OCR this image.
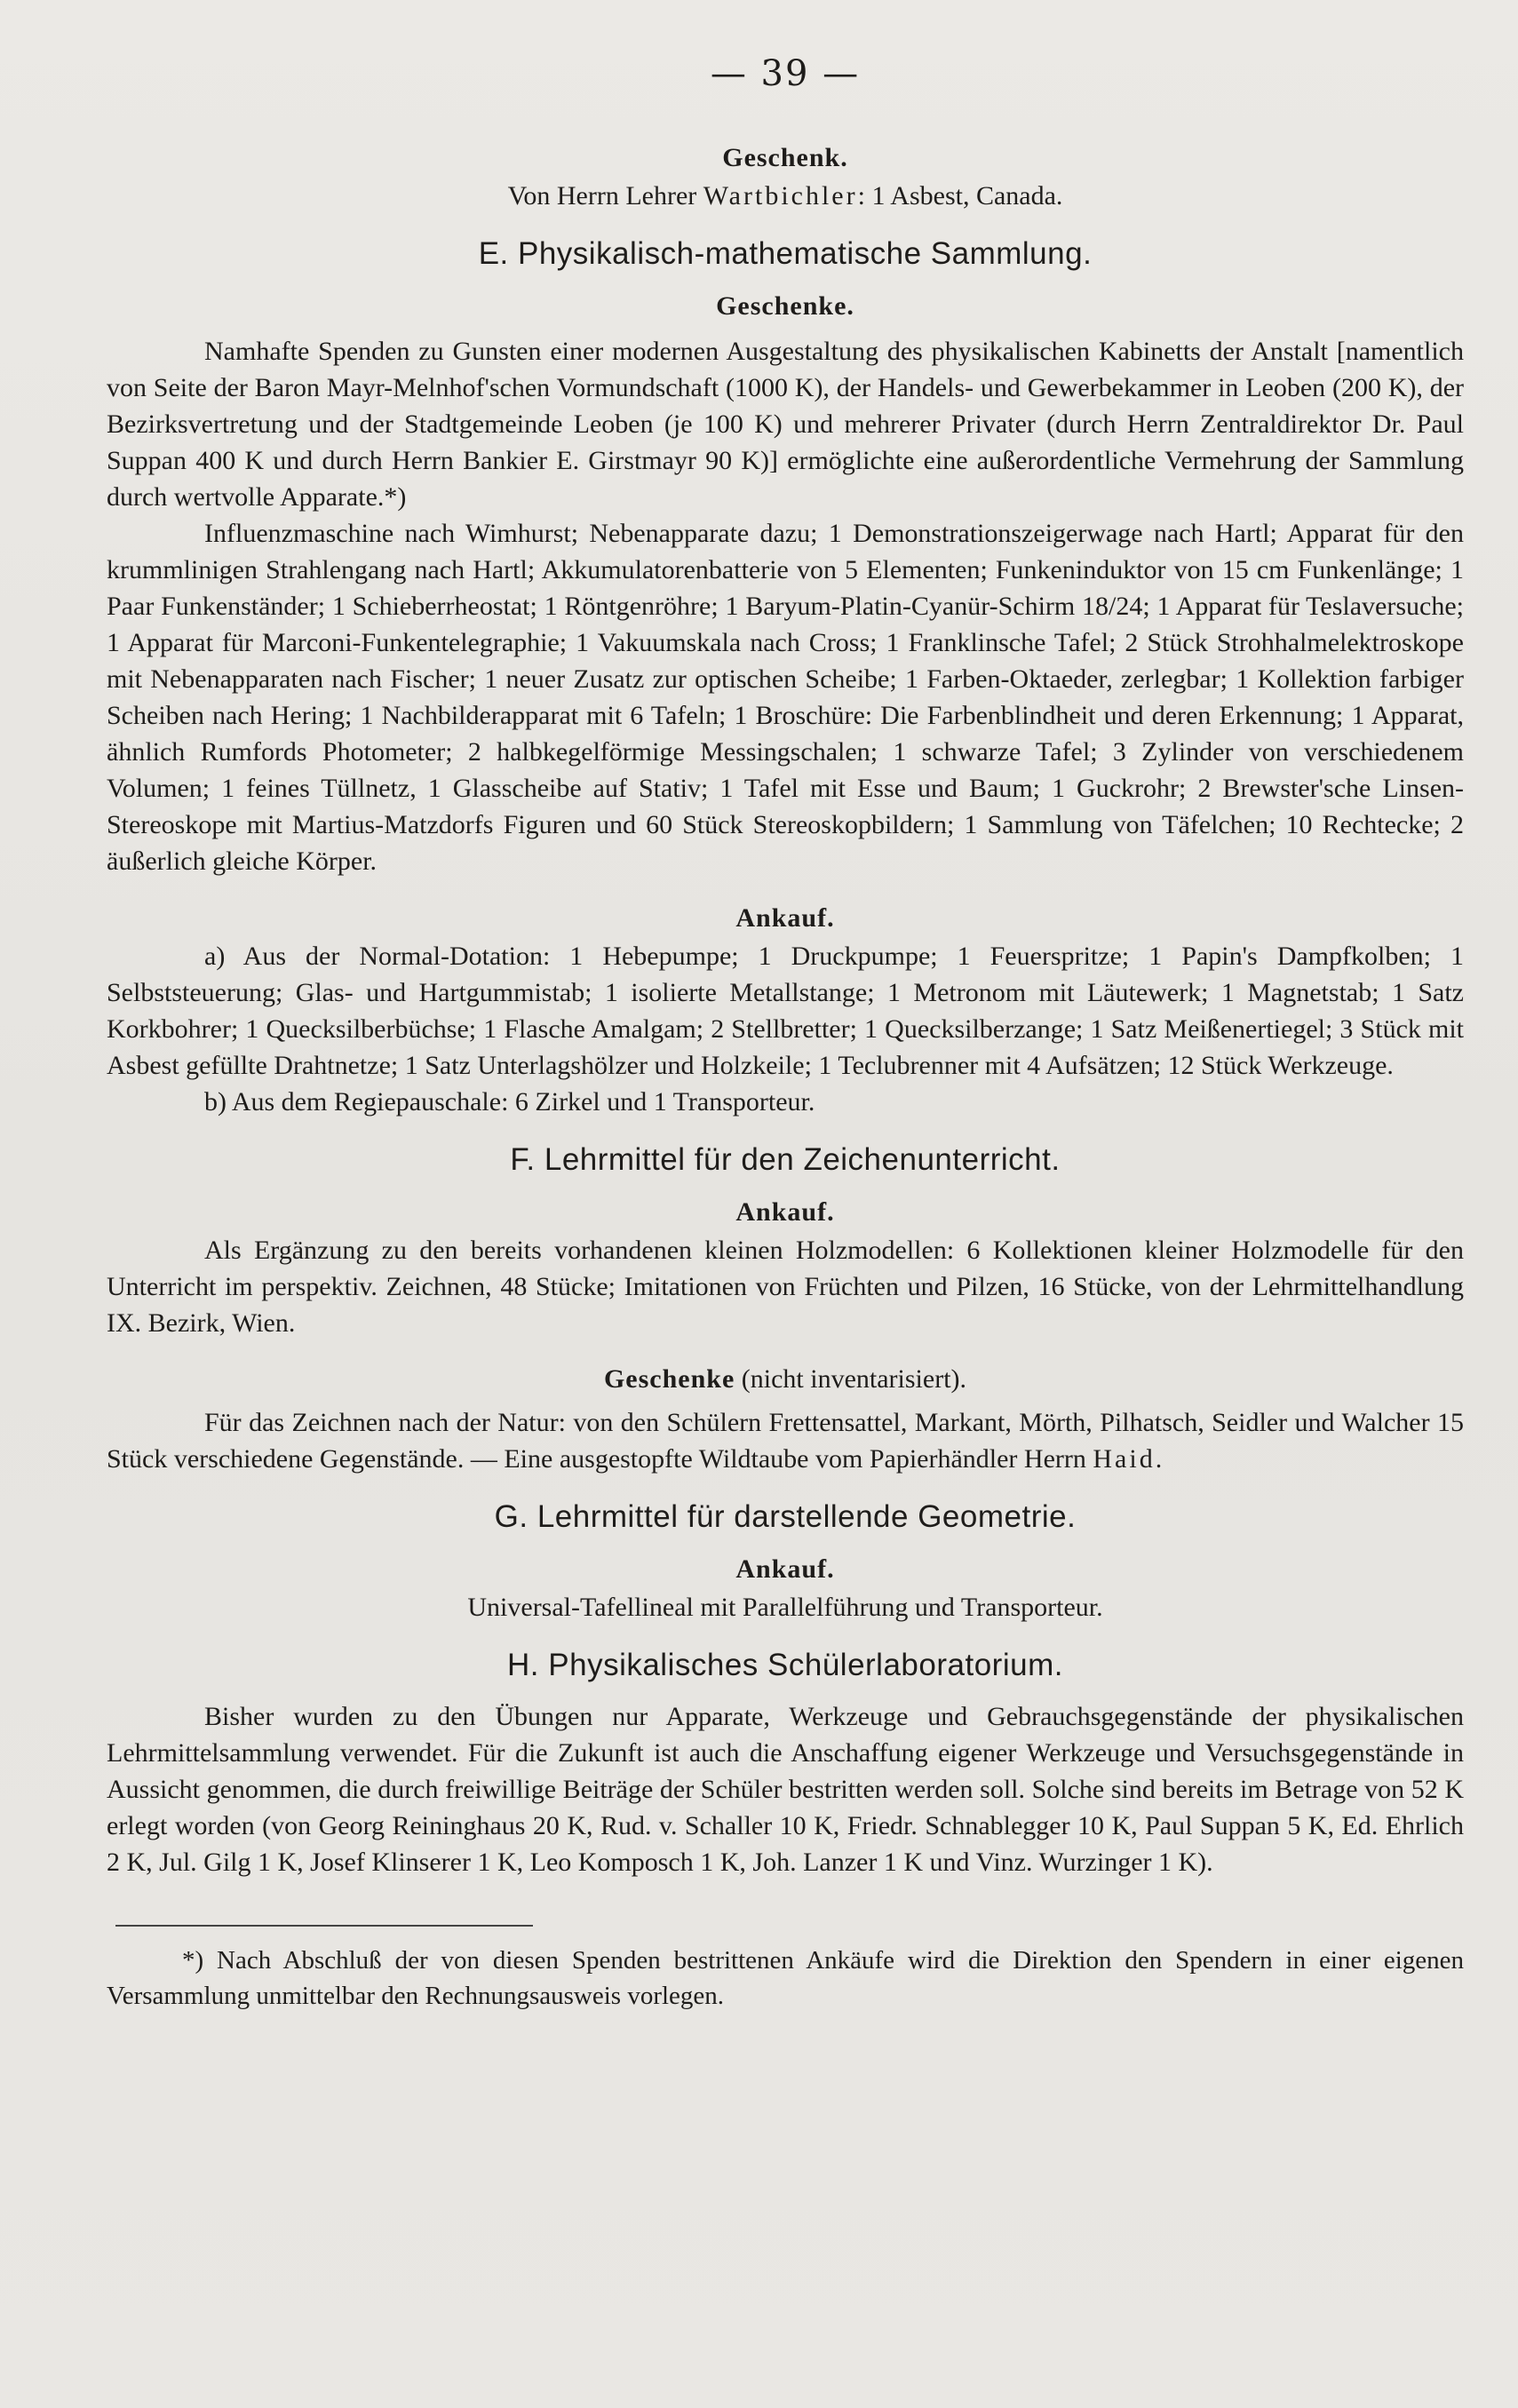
— 39 —
Geschenk.

Von Herrn Lehrer Wartbichler: 1 Asbest, Canada.

E. Physikalisch-mathematische Sammlung.
Geschenke.

Namhafte Spenden zu Gunsten einer modernen Ausgestaltung des physikalischen Kabinetts der Anstalt [namentlich von Seite der Baron Mayr-Melnhof'schen Vormundschaft (1000 K), der Handels- und Gewerbekammer in Leoben (200 K), der Bezirksvertretung und der Stadtgemeinde Leoben (je 100 K) und mehrerer Privater (durch Herrn Zentraldirektor Dr. Paul Suppan 400 K und durch Herrn Bankier E. Girstmayr 90 K)] ermöglichte eine außerordentliche Vermehrung der Sammlung durch wertvolle Apparate.*)

Influenzmaschine nach Wimhurst; Nebenapparate dazu; 1 Demonstrationszeigerwage nach Hartl; Apparat für den krummlinigen Strahlengang nach Hartl; Akkumulatorenbatterie von 5 Elementen; Funkeninduktor von 15 cm Funkenlänge; 1 Paar Funkenständer; 1 Schieberrheostat; 1 Röntgenröhre; 1 Baryum-Platin-Cyanür-Schirm 18/24; 1 Apparat für Teslaversuche; 1 Apparat für Marconi-Funkentelegraphie; 1 Vakuumskala nach Cross; 1 Franklinsche Tafel; 2 Stück Strohhalmelektroskope mit Nebenapparaten nach Fischer; 1 neuer Zusatz zur optischen Scheibe; 1 Farben-Oktaeder, zerlegbar; 1 Kollektion farbiger Scheiben nach Hering; 1 Nachbilderapparat mit 6 Tafeln; 1 Broschüre: Die Farbenblindheit und deren Erkennung; 1 Apparat, ähnlich Rumfords Photometer; 2 halbkegelförmige Messingschalen; 1 schwarze Tafel; 3 Zylinder von verschiedenem Volumen; 1 feines Tüllnetz, 1 Glasscheibe auf Stativ; 1 Tafel mit Esse und Baum; 1 Guckrohr; 2 Brewster'sche Linsen-Stereoskope mit Martius-Matzdorfs Figuren und 60 Stück Stereoskopbildern; 1 Sammlung von Täfelchen; 10 Rechtecke; 2 äußerlich gleiche Körper.

Ankauf.

a) Aus der Normal-Dotation: 1 Hebepumpe; 1 Druckpumpe; 1 Feuerspritze; 1 Papin's Dampfkolben; 1 Selbststeuerung; Glas- und Hartgummistab; 1 isolierte Metallstange; 1 Metronom mit Läutewerk; 1 Magnetstab; 1 Satz Korkbohrer; 1 Quecksilberbüchse; 1 Flasche Amalgam; 2 Stellbretter; 1 Quecksilberzange; 1 Satz Meißenertiegel; 3 Stück mit Asbest gefüllte Drahtnetze; 1 Satz Unterlagshölzer und Holzkeile; 1 Teclubrenner mit 4 Aufsätzen; 12 Stück Werkzeuge.

b) Aus dem Regiepauschale: 6 Zirkel und 1 Transporteur.

F. Lehrmittel für den Zeichenunterricht.
Ankauf.

Als Ergänzung zu den bereits vorhandenen kleinen Holzmodellen: 6 Kollektionen kleiner Holzmodelle für den Unterricht im perspektiv. Zeichnen, 48 Stücke; Imitationen von Früchten und Pilzen, 16 Stücke, von der Lehrmittelhandlung IX. Bezirk, Wien.

Geschenke (nicht inventarisiert).

Für das Zeichnen nach der Natur: von den Schülern Frettensattel, Markant, Mörth, Pilhatsch, Seidler und Walcher 15 Stück verschiedene Gegenstände. — Eine ausgestopfte Wildtaube vom Papierhändler Herrn Haid.

G. Lehrmittel für darstellende Geometrie.
Ankauf.

Universal-Tafellineal mit Parallelführung und Transporteur.

H. Physikalisches Schülerlaboratorium.

Bisher wurden zu den Übungen nur Apparate, Werkzeuge und Gebrauchsgegenstände der physikalischen Lehrmittelsammlung verwendet. Für die Zukunft ist auch die Anschaffung eigener Werkzeuge und Versuchsgegenstände in Aussicht genommen, die durch freiwillige Beiträge der Schüler bestritten werden soll. Solche sind bereits im Betrage von 52 K erlegt worden (von Georg Reininghaus 20 K, Rud. v. Schaller 10 K, Friedr. Schnablegger 10 K, Paul Suppan 5 K, Ed. Ehrlich 2 K, Jul. Gilg 1 K, Josef Klinserer 1 K, Leo Komposch 1 K, Joh. Lanzer 1 K und Vinz. Wurzinger 1 K).

*) Nach Abschluß der von diesen Spenden bestrittenen Ankäufe wird die Direktion den Spendern in einer eigenen Versammlung unmittelbar den Rechnungsausweis vorlegen.
